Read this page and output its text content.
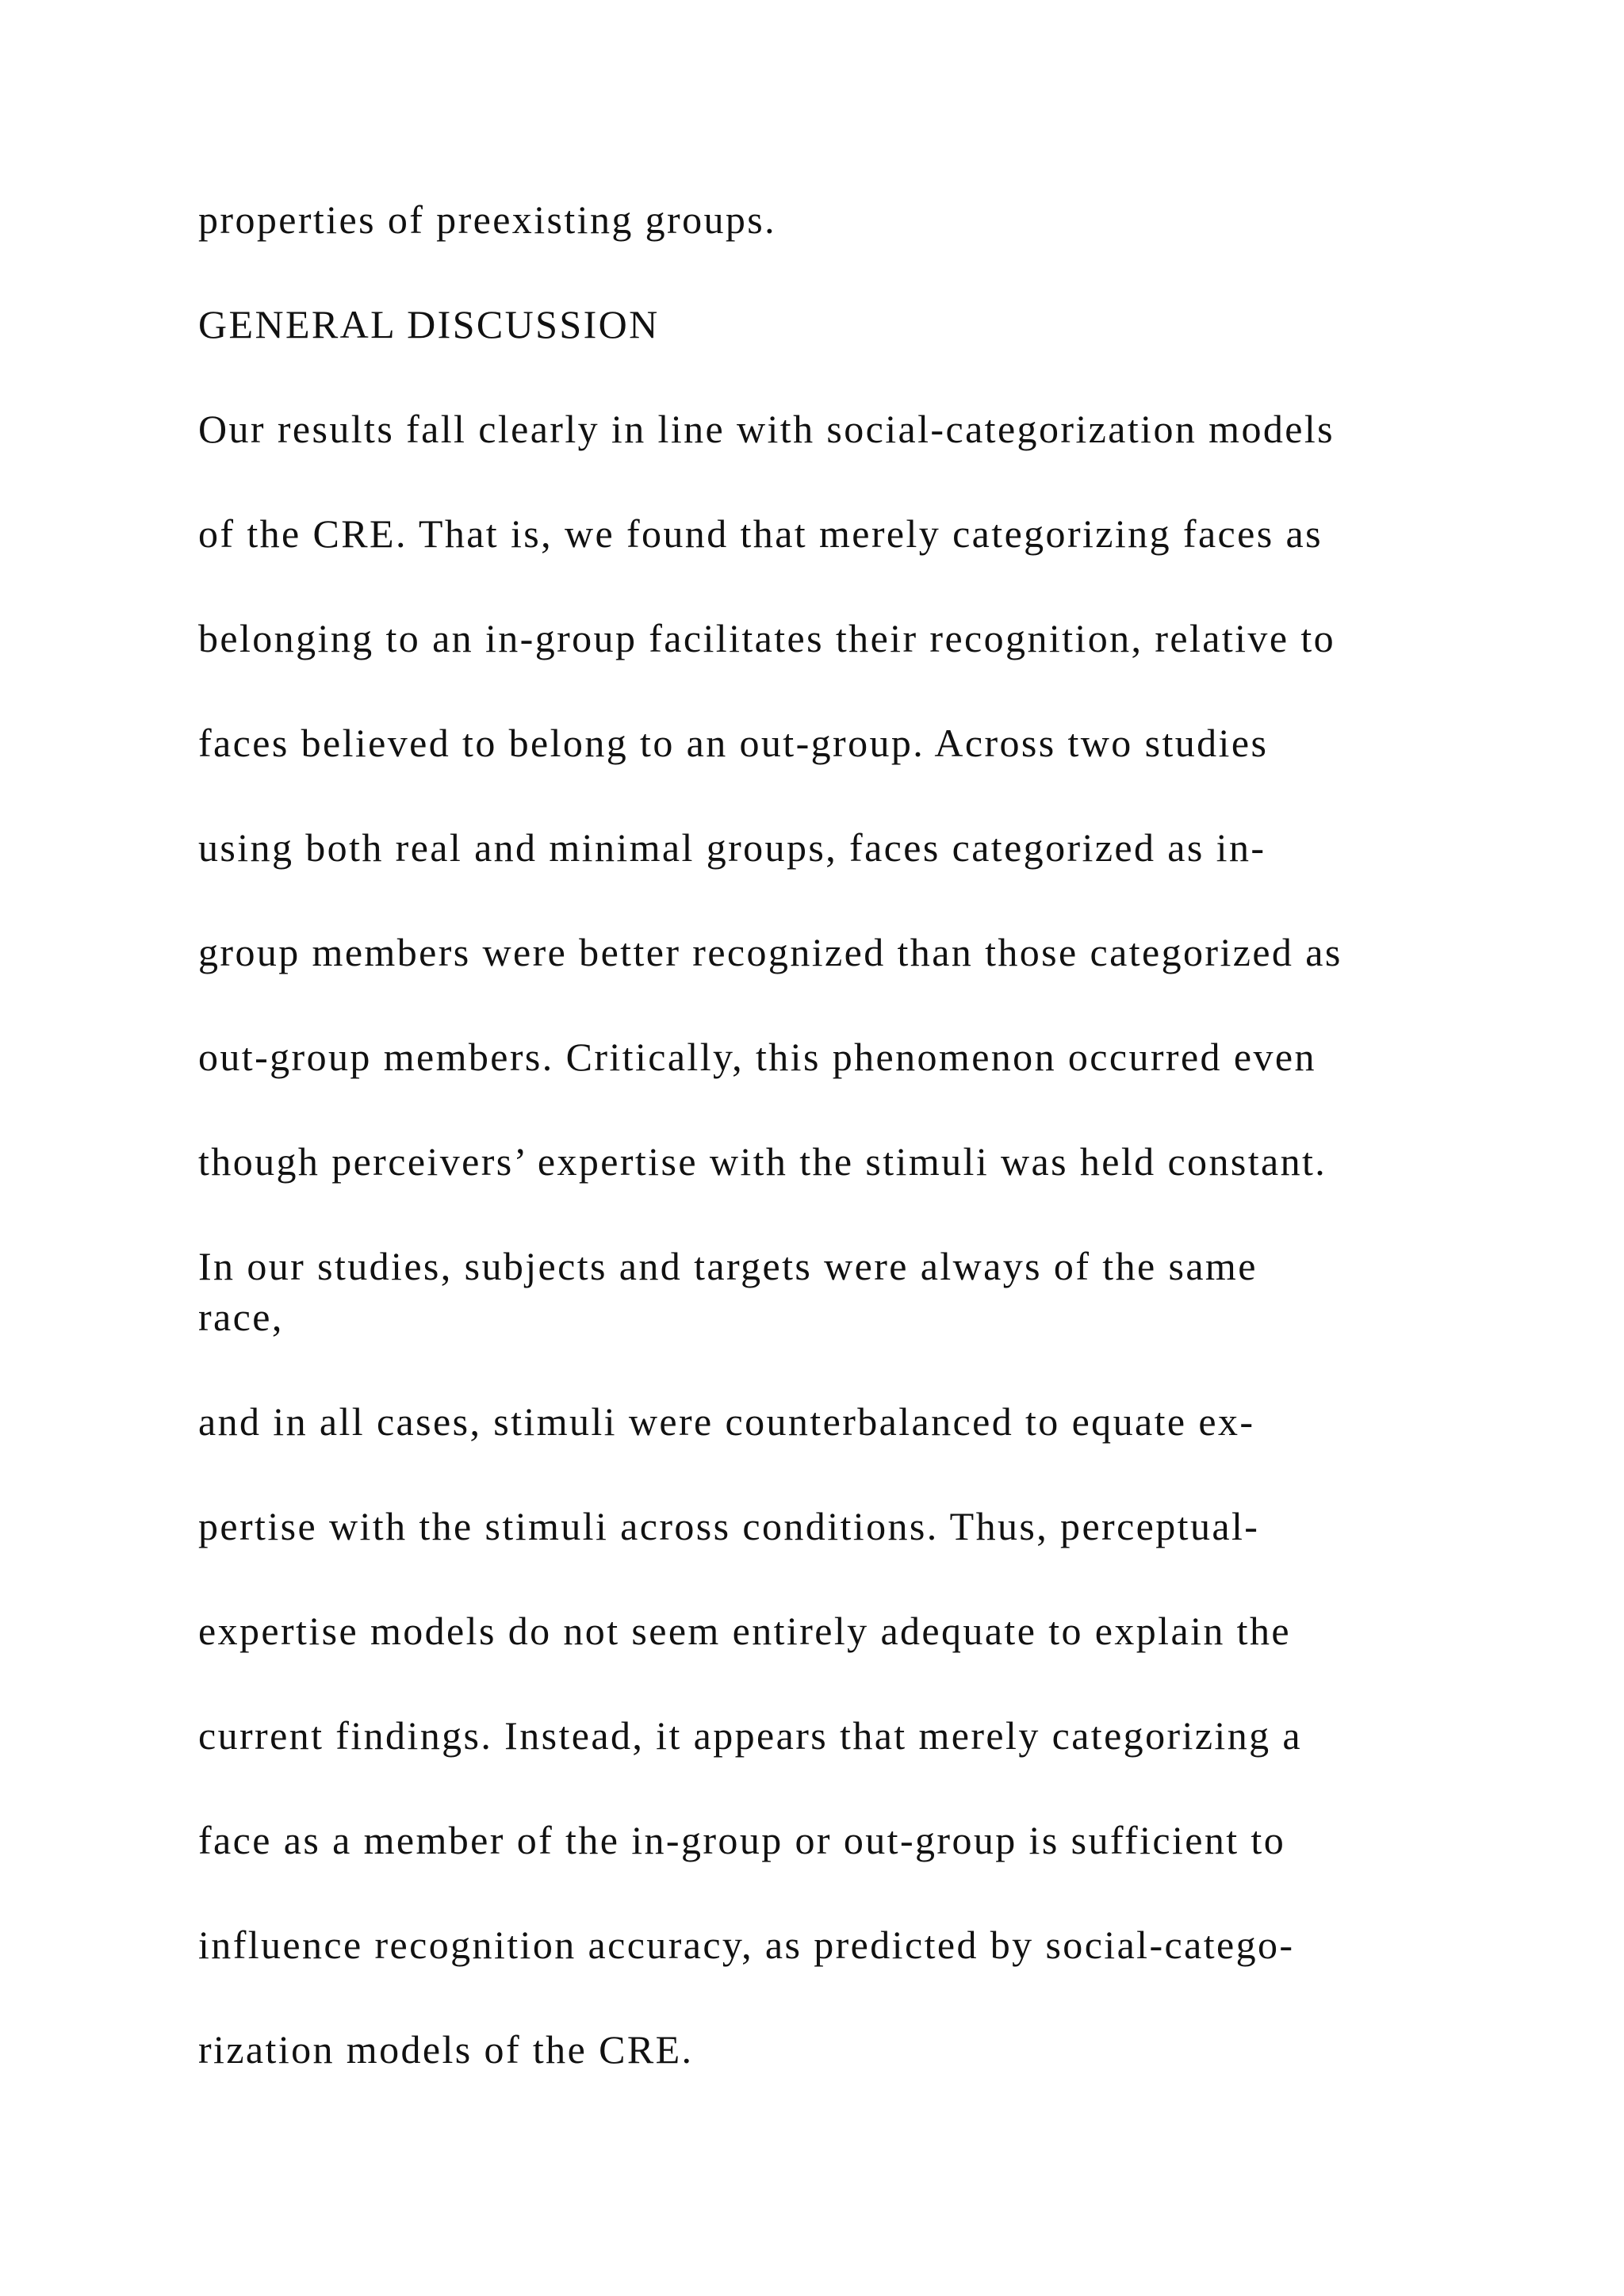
properties of preexisting groups.

GENERAL DISCUSSION

Our results fall clearly in line with social-categorization models

of the CRE. That is, we found that merely categorizing faces as

belonging to an in-group facilitates their recognition, relative to

faces believed to belong to an out-group. Across two studies

using both real and minimal groups, faces categorized as in-

group members were better recognized than those categorized as

out-group members. Critically, this phenomenon occurred even

though perceivers’ expertise with the stimuli was held constant.

In our studies, subjects and targets were always of the same

race,

and in all cases, stimuli were counterbalanced to equate ex-

pertise with the stimuli across conditions. Thus, perceptual-

expertise models do not seem entirely adequate to explain the

current findings. Instead, it appears that merely categorizing a

face as a member of the in-group or out-group is sufficient to

influence recognition accuracy, as predicted by social-catego-

rization models of the CRE.
